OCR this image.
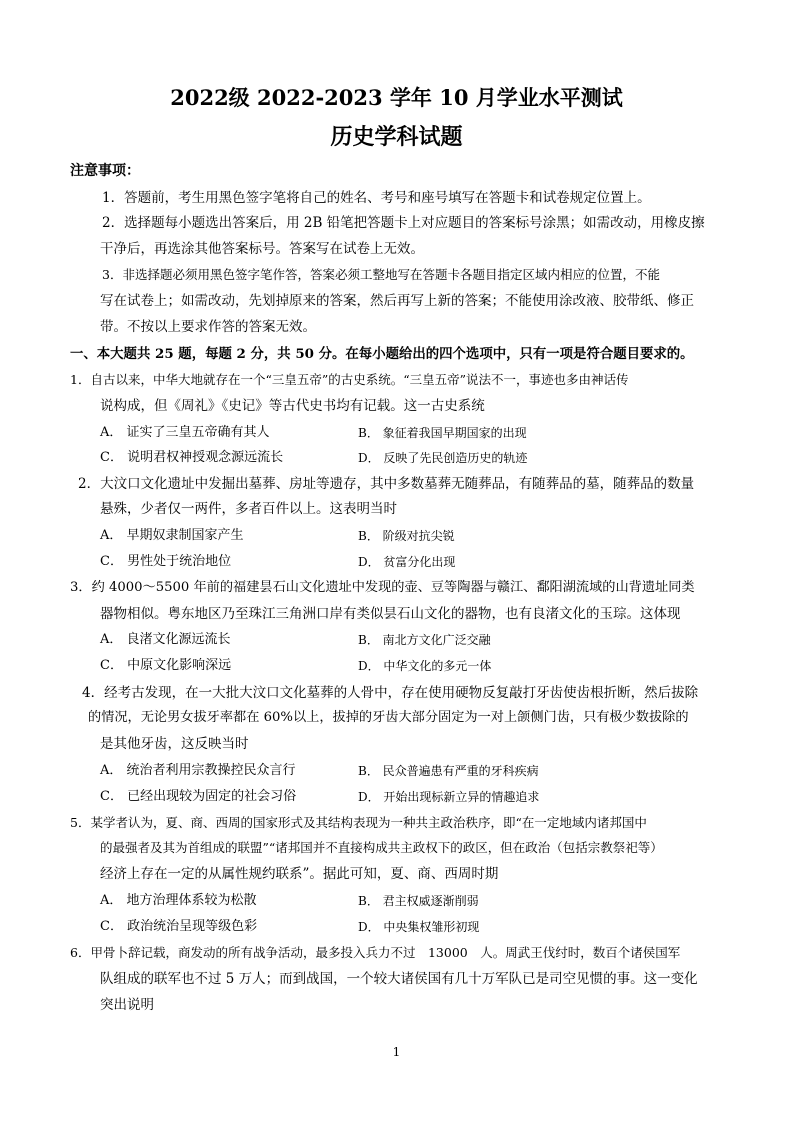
2022级 2022-2023 学年 10 月学业水平测试
历史学科试题
注意事项：
1．答题前，考生用黑色签字笔将自己的姓名、考号和座号填写在答题卡和试卷规定位置上。
2．选择题每小题选出答案后，用 2B 铅笔把答题卡上对应题目的答案标号涂黑；如需改动，用橡皮擦
干净后，再选涂其他答案标号。答案写在试卷上无效。
3．非选择题必须用黑色签字笔作答，答案必须工整地写在答题卡各题目指定区域内相应的位置，不能
写在试卷上；如需改动，先划掉原来的答案，然后再写上新的答案；不能使用涂改液、胶带纸、修正
带。不按以上要求作答的答案无效。
一、本大题共 25 题，每题 2 分，共 50 分。在每小题给出的四个选项中，只有一项是符合题目要求的。
1．自古以来，中华大地就存在一个“三皇五帝”的古史系统。“三皇五帝”说法不一，事迹也多由神话传
说构成，但《周礼》《史记》等古代史书均有记载。这一古史系统
A． 证实了三皇五帝确有其人	B． 象征着我国早期国家的出现
C． 说明君权神授观念源远流长	D． 反映了先民创造历史的轨迹
2．大汶口文化遗址中发掘出墓葬、房址等遗存，其中多数墓葬无随葬品，有随葬品的墓，随葬品的数量
悬殊，少者仅一两件，多者百件以上。这表明当时
A． 早期奴隶制国家产生	B． 阶级对抗尖锐
C． 男性处于统治地位	D． 贫富分化出现
3．约 4000～5500 年前的福建昙石山文化遗址中发现的壶、豆等陶器与赣江、鄱阳湖流域的山背遗址同类
器物相似。粤东地区乃至珠江三角洲口岸有类似昙石山文化的器物，也有良渚文化的玉琮。这体现
A． 良渚文化源远流长	B． 南北方文化广泛交融
C． 中原文化影响深远	D． 中华文化的多元一体
4．经考古发现，在一大批大汶口文化墓葬的人骨中，存在使用硬物反复敲打牙齿使齿根折断，然后拔除
的情况，无论男女拔牙率都在 60%以上，拔掉的牙齿大部分固定为一对上颌侧门齿，只有极少数拔除的
是其他牙齿，这反映当时
A． 统治者利用宗教操控民众言行	B． 民众普遍患有严重的牙科疾病
C． 已经出现较为固定的社会习俗	D． 开始出现标新立异的情趣追求
5．某学者认为，夏、商、西周的国家形式及其结构表现为一种共主政治秩序，即“在一定地域内诸邦国中
的最强者及其为首组成的联盟”“诸邦国并不直接构成共主政权下的政区，但在政治（包括宗教祭祀等）
经济上存在一定的从属性规约联系”。据此可知，夏、商、西周时期
A． 地方治理体系较为松散	B． 君主权威逐渐削弱
C． 政治统治呈现等级色彩	D． 中央集权雏形初现
6．甲骨卜辞记载，商发动的所有战争活动，最多投入兵力不过　13000　人。周武王伐纣时，数百个诸侯国军
队组成的联军也不过 5 万人；而到战国，一个较大诸侯国有几十万军队已是司空见惯的事。这一变化
突出说明
1
